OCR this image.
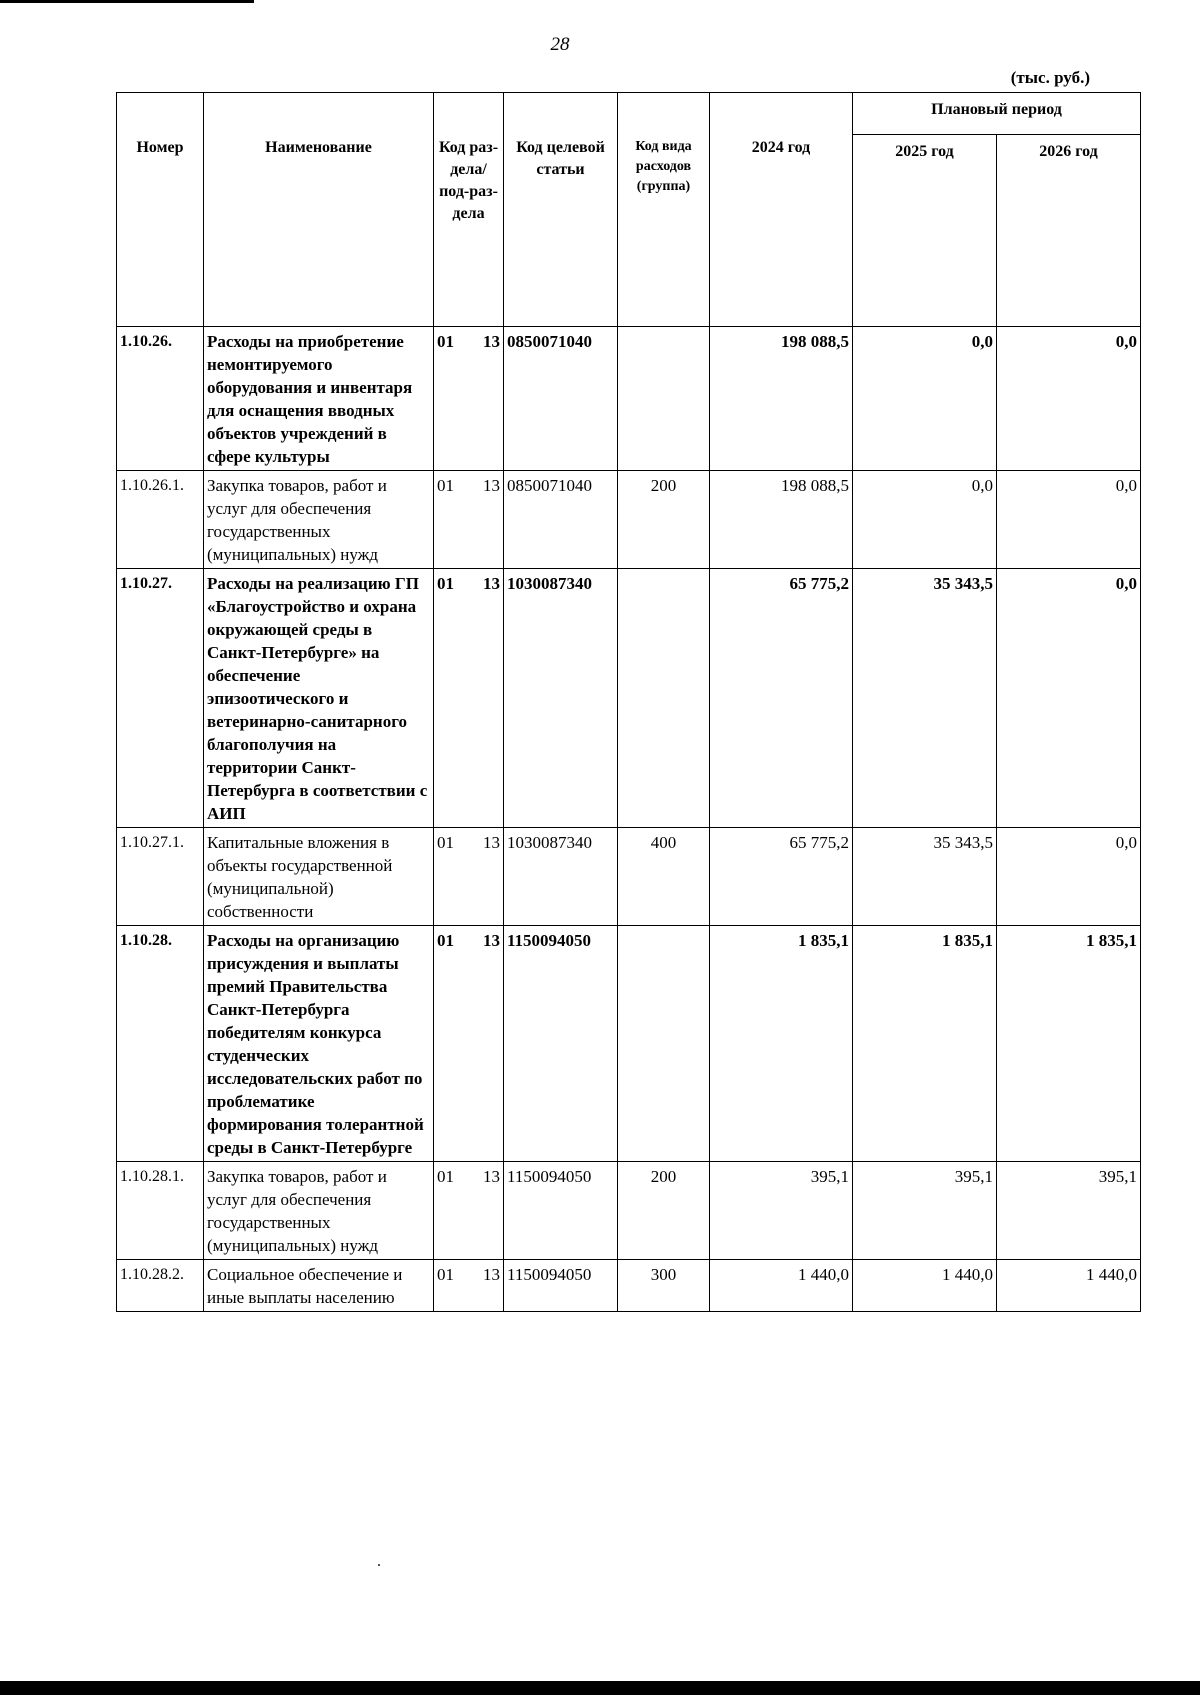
28
(тыс. руб.)
Номер	Наименование	Код раз-дела/ под-раз-дела	Код целевой статьи	Код вида расходов (группа)	2024 год	Плановый период	
						2025 год	2026 год
1.10.26.	Расходы на приобретение немонтируемого оборудования и инвентаря для оснащения вводных объектов учреждений в сфере культуры	01 13	0850071040		198 088,5	0,0	0,0
1.10.26.1.	Закупка товаров, работ и услуг для обеспечения государственных (муниципальных) нужд	01 13	0850071040	200	198 088,5	0,0	0,0
1.10.27.	Расходы на реализацию ГП «Благоустройство и охрана окружающей среды в Санкт-Петербурге» на обеспечение эпизоотического и ветеринарно-санитарного благополучия на территории Санкт-Петербурга в соответствии с АИП	01 13	1030087340		65 775,2	35 343,5	0,0
1.10.27.1.	Капитальные вложения в объекты государственной (муниципальной) собственности	01 13	1030087340	400	65 775,2	35 343,5	0,0
1.10.28.	Расходы на организацию присуждения и выплаты премий Правительства Санкт-Петербурга победителям конкурса студенческих исследовательских работ по проблематике формирования толерантной среды в Санкт-Петербурге	01 13	1150094050		1 835,1	1 835,1	1 835,1
1.10.28.1.	Закупка товаров, работ и услуг для обеспечения государственных (муниципальных) нужд	01 13	1150094050	200	395,1	395,1	395,1
1.10.28.2.	Социальное обеспечение и иные выплаты населению	01 13	1150094050	300	1 440,0	1 440,0	1 440,0
